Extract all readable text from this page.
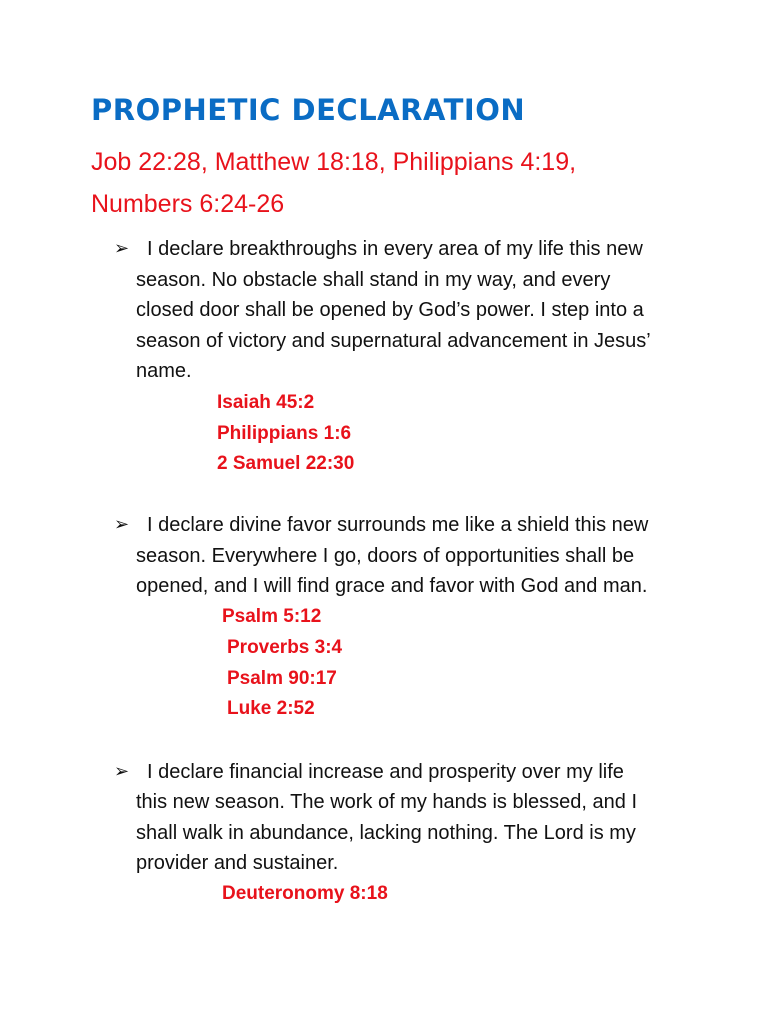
PROPHETIC DECLARATION

Job 22:28, Matthew 18:18, Philippians 4:19,

Numbers 6:24-26

➢ I declare breakthroughs in every area of my life this new

season. No obstacle shall stand in my way, and every

closed door shall be opened by God’s power. I step into a

season of victory and supernatural advancement in Jesus’

name.

Isaiah 45:2

Philippians 1:6

2 Samuel 22:30

➢ I declare divine favor surrounds me like a shield this new

season. Everywhere I go, doors of opportunities shall be

opened, and I will find grace and favor with God and man.

Psalm 5:12

Proverbs 3:4

Psalm 90:17

Luke 2:52

➢ I declare financial increase and prosperity over my life

this new season. The work of my hands is blessed, and I

shall walk in abundance, lacking nothing. The Lord is my

provider and sustainer.

Deuteronomy 8:18
